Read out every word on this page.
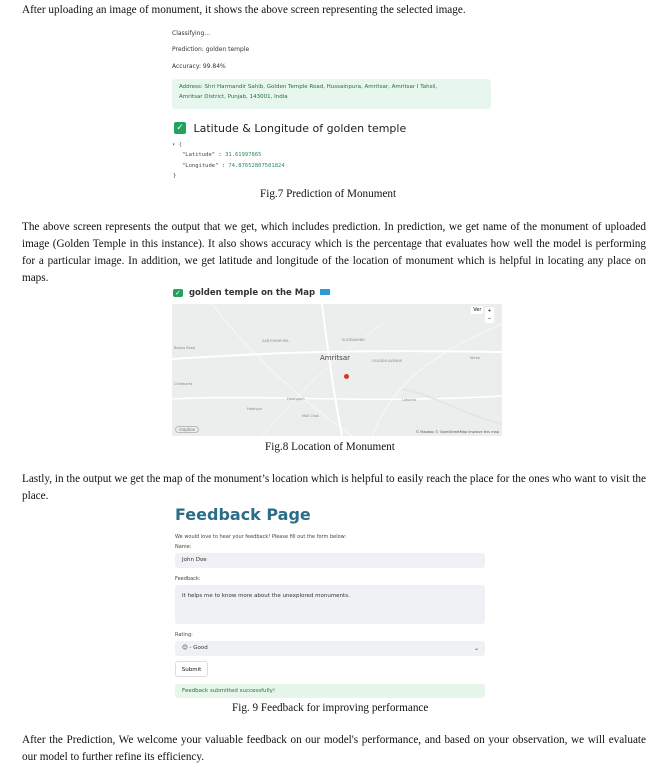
After uploading an image of monument, it shows the above screen representing the selected image.
Classifying...
Prediction: golden temple
Accuracy: 99.84%
Address: Shri Harmandir Sahib, Golden Temple Road, Hussainpura, Amritsar, Amritsar I Tahsil,
Amritsar District, Punjab, 143001, India
✓ Latitude & Longitude of golden temple
▾ {
"Latitude" : 31.61997865
"Longitude" : 74.87652807501824
}
Fig.7 Prediction of Monument
The above screen represents the output that we get, which includes prediction. In prediction, we get name of the monument of uploaded image (Golden Temple in this instance). It also shows accuracy which is the percentage that evaluates how well the model is performing for a particular image. In addition, we get latitude and longitude of the location of monument which is helpful in locating any place on maps.
✓ golden temple on the Map
SANTOKHPURA	SULTANWIND
Batala Road
Chheharta
Fatehpur
Mall Chak
Verka
GOLDEN AVENUE
Loharka
Fatehgarh
Amritsar
Ver	+
−
mapbox	© Mapbox © OpenStreetMap Improve this map
Fig.8 Location of Monument
Lastly, in the output we get the map of the monument’s location which is helpful to easily reach the place for the ones who want to visit the place.
Feedback Page
We would love to hear your feedback! Please fill out the form below:
Name:
John Doe
Feedback:
It helps me to know more about the unexplored monuments.
Rating:
😊 - Good	⌄
Submit
Feedback submitted successfully!
Fig. 9 Feedback for improving performance
After the Prediction, We welcome your valuable feedback on our model's performance, and based on your observation, we will evaluate our model to further refine its efficiency.
